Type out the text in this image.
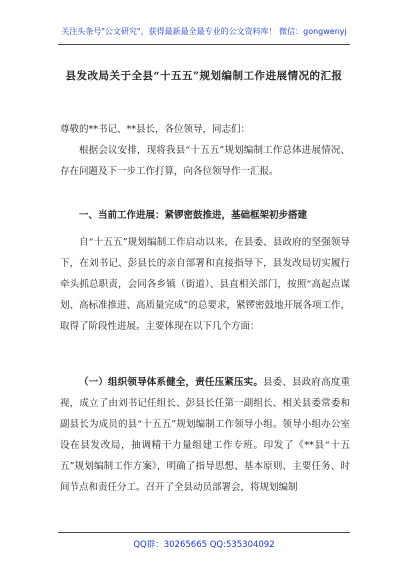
关注头条号"公文研究"，获得最新最全最专业的公文资料库！ 微信：gongwenyj
县发改局关于全县“十五五”规划编制工作进展情况的汇报
尊敬的**书记、**县长，各位领导，同志们：

根据会议安排，现将我县“十五五”规划编制工作总体进展情况、存在问题及下一步工作打算，向各位领导作一汇报。

一、当前工作进展：紧锣密鼓推进，基础框架初步搭建

自“十五五”规划编制工作启动以来，在县委、县政府的坚强领导下，在刘书记、彭县长的亲自部署和直接指导下，县发改局切实履行牵头抓总职责，会同各乡镇（街道）、县直相关部门，按照“高起点谋划、高标准推进、高质量完成”的总要求，紧锣密鼓地开展各项工作，取得了阶段性进展。主要体现在以下几个方面：

（一）组织领导体系健全，责任压紧压实。县委、县政府高度重视，成立了由刘书记任组长、彭县长任第一副组长、相关县委常委和副县长为成员的县“十五五”规划编制工作领导小组。领导小组办公室设在县发改局，抽调精干力量组建工作专班。印发了《**县“十五五”规划编制工作方案》，明确了指导思想、基本原则、主要任务、时间节点和责任分工。召开了全县动员部署会，将规划编制

QQ群：30265665 QQ:535304092
